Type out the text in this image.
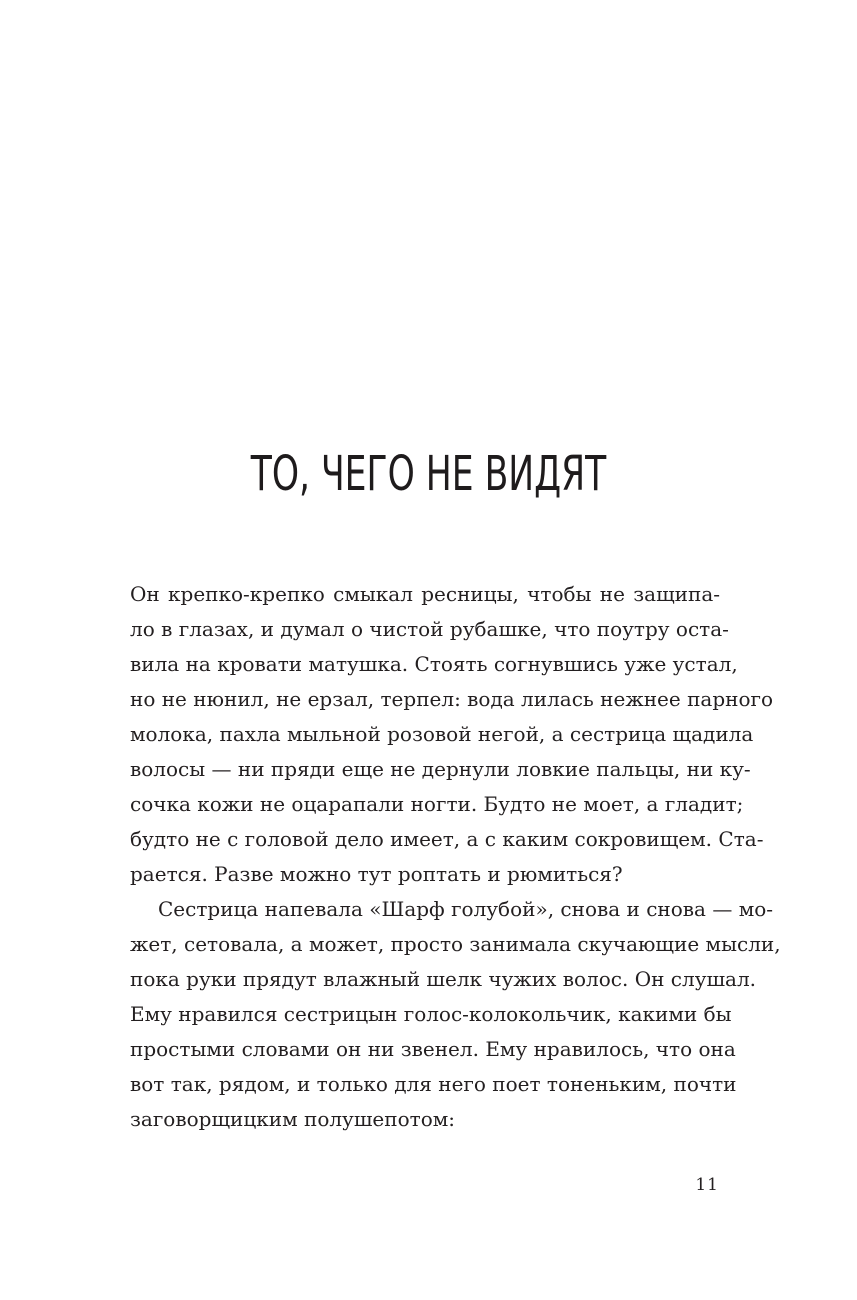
ТО, ЧЕГО НЕ ВИДЯТ
Он крепко-крепко смыкал ресницы, чтобы не защипа-
ло в глазах, и думал о чистой рубашке, что поутру оста-
вила на кровати матушка. Стоять согнувшись уже устал,
но не нюнил, не ерзал, терпел: вода лилась нежнее парного
молока, пахла мыльной розовой негой, а сестрица щадила
волосы — ни пряди еще не дернули ловкие пальцы, ни ку-
сочка кожи не оцарапали ногти. Будто не моет, а гладит;
будто не с головой дело имеет, а с каким сокровищем. Ста-
рается. Разве можно тут роптать и рюмиться?
Сестрица напевала «Шарф голубой», снова и снова — мо-
жет, сетовала, а может, просто занимала скучающие мысли,
пока руки прядут влажный шелк чужих волос. Он слушал.
Ему нравился сестрицын голос-колокольчик, какими бы
простыми словами он ни звенел. Ему нравилось, что она
вот так, рядом, и только для него поет тоненьким, почти
заговорщицким полушепотом:
11
